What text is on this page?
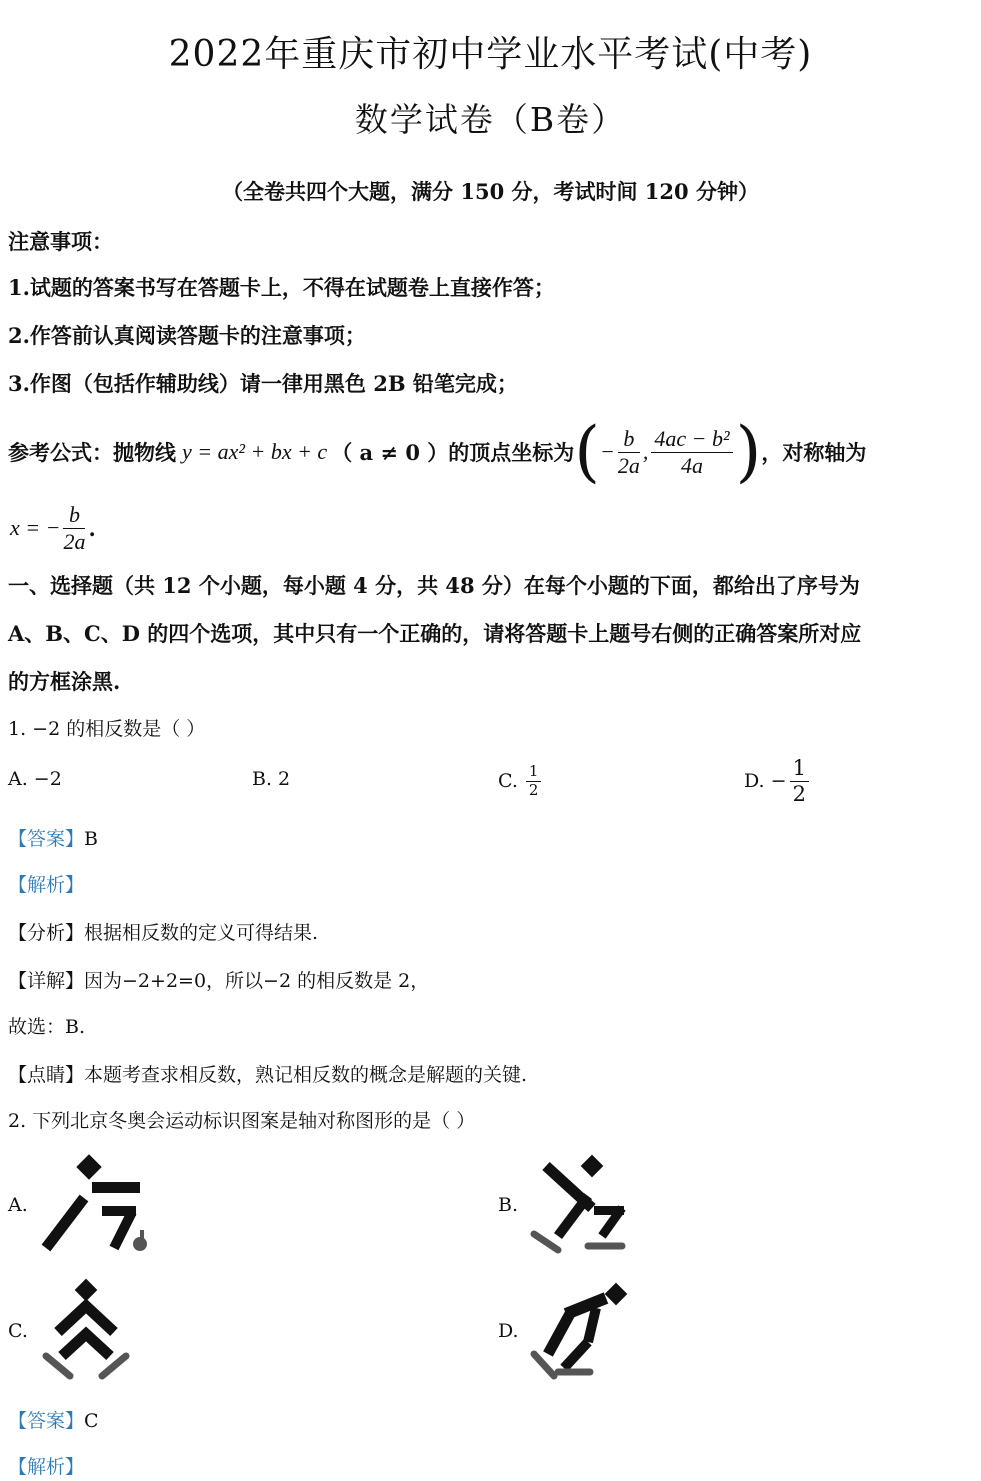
2022年重庆市初中学业水平考试(中考)
数学试卷（B卷）
（全卷共四个大题，满分 150 分，考试时间 120 分钟）
注意事项：
1.试题的答案书写在答题卡上，不得在试题卷上直接作答；
2.作答前认真阅读答题卡的注意事项；
3.作图（包括作辅助线）请一律用黑色 2B 铅笔完成；
参考公式：抛物线 y = ax² + bx + c （ a ≠ 0 ）的顶点坐标为 ( − $\frac{b}{2a}$ , $\frac{\text{4ac − b²}}{4a}$ ) ，对称轴为
x = − $\frac{b}{2a}$ .
一、选择题（共 12 个小题，每小题 4 分，共 48 分）在每个小题的下面，都给出了序号为
A、B、C、D 的四个选项，其中只有一个正确的，请将答题卡上题号右侧的正确答案所对应
的方框涂黑.
1. −2 的相反数是（ ）
A. −2	B. 2	C. $\frac{1}{2}$	D. − $\frac{1}{2}$
【答案】B
【解析】
【分析】根据相反数的定义可得结果.
【详解】因为−2+2=0，所以−2 的相反数是 2，
故选：B.
【点睛】本题考查求相反数，熟记相反数的概念是解题的关键.
2. 下列北京冬奥会运动标识图案是轴对称图形的是（ ）
A.	B.
C.	D.
【答案】C
【解析】
